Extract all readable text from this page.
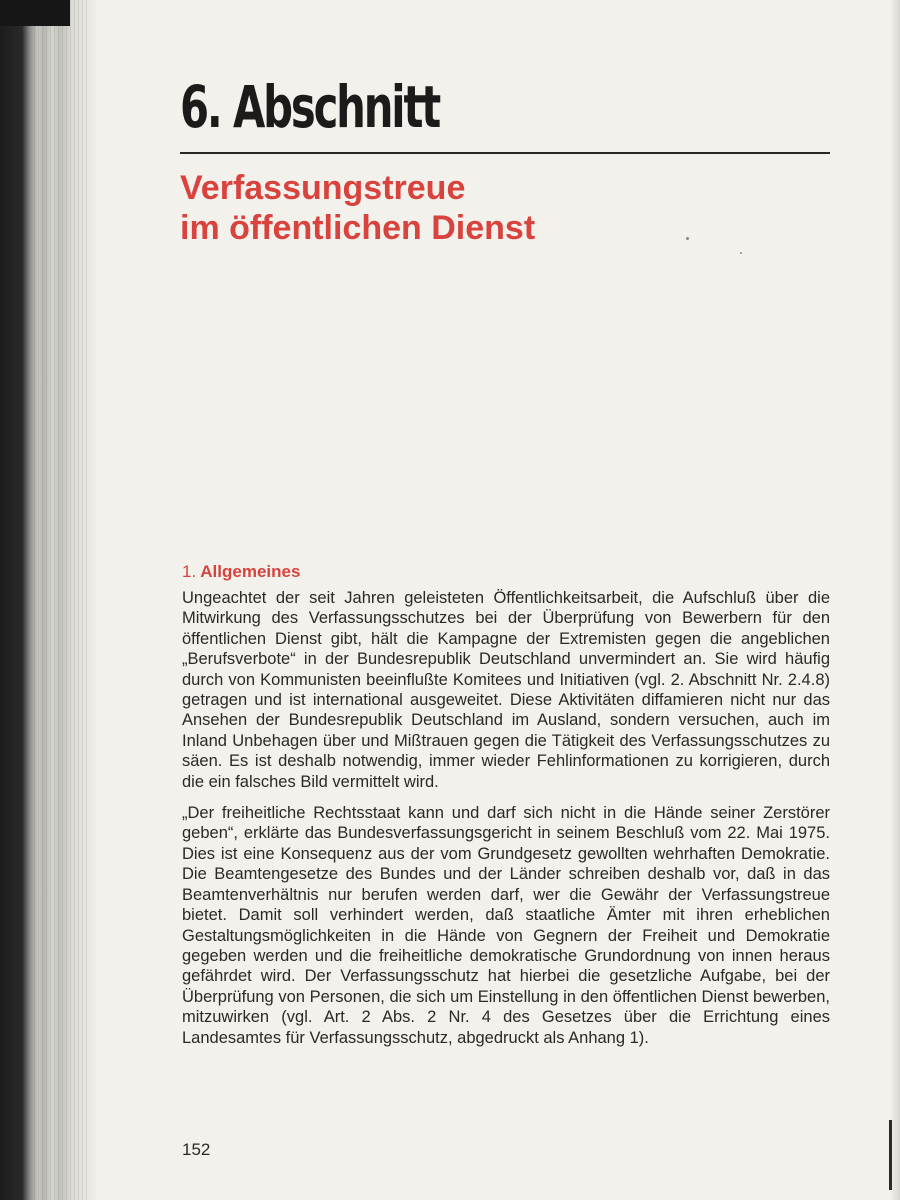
6. Abschnitt
Verfassungstreue
im öffentlichen Dienst
1. Allgemeines

Ungeachtet der seit Jahren geleisteten Öffentlichkeitsarbeit, die Aufschluß über die Mitwirkung des Verfassungsschutzes bei der Überprüfung von Bewerbern für den öffentlichen Dienst gibt, hält die Kampagne der Extremisten gegen die angeblichen „Berufsverbote“ in der Bundesrepublik Deutschland unvermindert an. Sie wird häufig durch von Kommunisten beeinflußte Komitees und Initiativen (vgl. 2. Abschnitt Nr. 2.4.8) getragen und ist international ausgeweitet. Diese Aktivitäten diffamieren nicht nur das Ansehen der Bundesrepublik Deutschland im Ausland, sondern versuchen, auch im Inland Unbehagen über und Mißtrauen gegen die Tätigkeit des Verfassungsschutzes zu säen. Es ist deshalb notwendig, immer wieder Fehlinformationen zu korrigieren, durch die ein falsches Bild vermittelt wird.

„Der freiheitliche Rechtsstaat kann und darf sich nicht in die Hände seiner Zerstörer geben“, erklärte das Bundesverfassungsgericht in seinem Beschluß vom 22. Mai 1975. Dies ist eine Konsequenz aus der vom Grundgesetz gewollten wehrhaften Demokratie. Die Beamtengesetze des Bundes und der Länder schreiben deshalb vor, daß in das Beamtenverhältnis nur berufen werden darf, wer die Gewähr der Verfassungstreue bietet. Damit soll verhindert werden, daß staatliche Ämter mit ihren erheblichen Gestaltungsmöglichkeiten in die Hände von Gegnern der Freiheit und Demokratie gegeben werden und die freiheitliche demokratische Grundordnung von innen heraus gefährdet wird. Der Verfassungsschutz hat hierbei die gesetzliche Aufgabe, bei der Überprüfung von Personen, die sich um Einstellung in den öffentlichen Dienst bewerben, mitzuwirken (vgl. Art. 2 Abs. 2 Nr. 4 des Gesetzes über die Errichtung eines Landesamtes für Verfassungsschutz, abgedruckt als Anhang 1).

152
